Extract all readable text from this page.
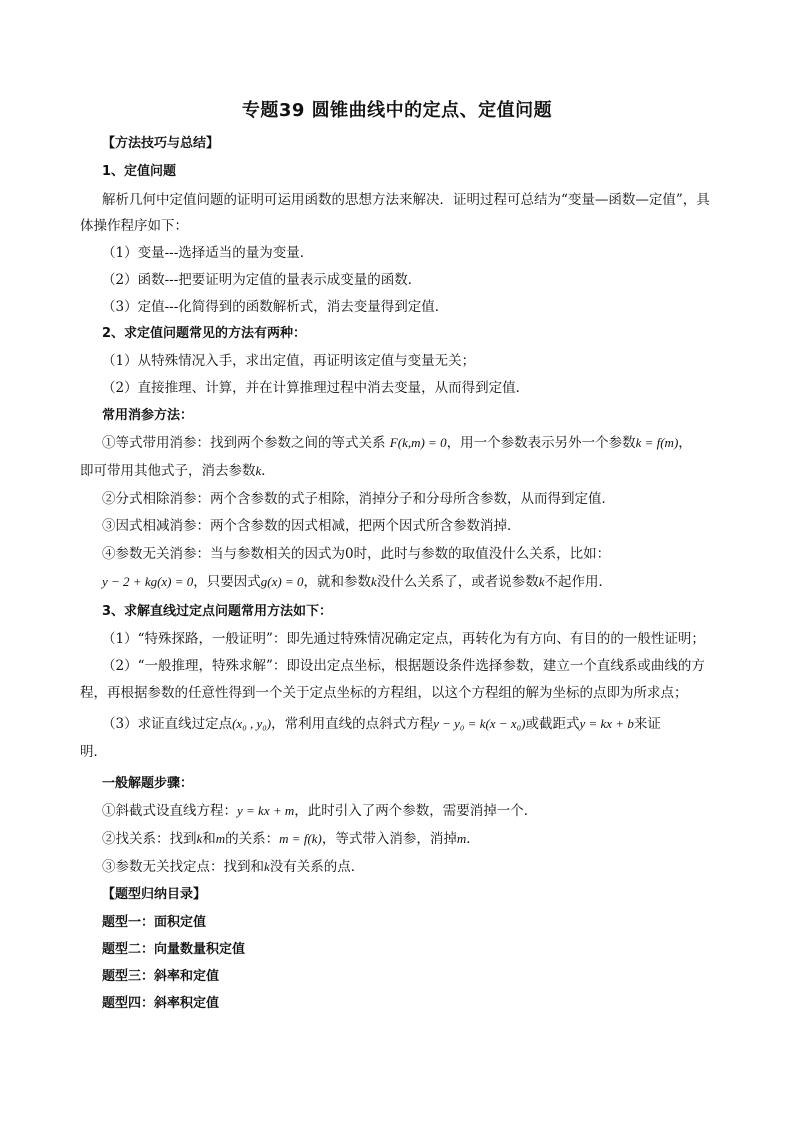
专题39 圆锥曲线中的定点、定值问题
【方法技巧与总结】
1、定值问题
解析几何中定值问题的证明可运用函数的思想方法来解决．证明过程可总结为“变量—函数—定值”，具
体操作程序如下：
（1）变量---选择适当的量为变量．
（2）函数---把要证明为定值的量表示成变量的函数．
（3）定值---化简得到的函数解析式，消去变量得到定值．
2、求定值问题常见的方法有两种：
（1）从特殊情况入手，求出定值，再证明该定值与变量无关；
（2）直接推理、计算，并在计算推理过程中消去变量，从而得到定值．
常用消参方法：
①等式带用消参：找到两个参数之间的等式关系 F(k,m) = 0，用一个参数表示另外一个参数k = f(m)，
即可带用其他式子，消去参数k．
②分式相除消参：两个含参数的式子相除，消掉分子和分母所含参数，从而得到定值．
③因式相减消参：两个含参数的因式相减，把两个因式所含参数消掉．
④参数无关消参：当与参数相关的因式为0时，此时与参数的取值没什么关系，比如：
y − 2 + kg(x) = 0，只要因式g(x) = 0，就和参数k没什么关系了，或者说参数k不起作用．
3、求解直线过定点问题常用方法如下：
（1）“特殊探路，一般证明”：即先通过特殊情况确定定点，再转化为有方向、有目的的一般性证明；
（2）“一般推理，特殊求解”：即设出定点坐标，根据题设条件选择参数，建立一个直线系或曲线的方
程，再根据参数的任意性得到一个关于定点坐标的方程组，以这个方程组的解为坐标的点即为所求点；
（3）求证直线过定点(x₀ , y₀)，常利用直线的点斜式方程y − y₀ = k(x − x₀)或截距式y = kx + b来证
明．
一般解题步骤：
①斜截式设直线方程：y = kx + m，此时引入了两个参数，需要消掉一个．
②找关系：找到k和m的关系：m = f(k)，等式带入消参，消掉m．
③参数无关找定点：找到和k没有关系的点．
【题型归纳目录】
题型一：面积定值
题型二：向量数量积定值
题型三：斜率和定值
题型四：斜率积定值
